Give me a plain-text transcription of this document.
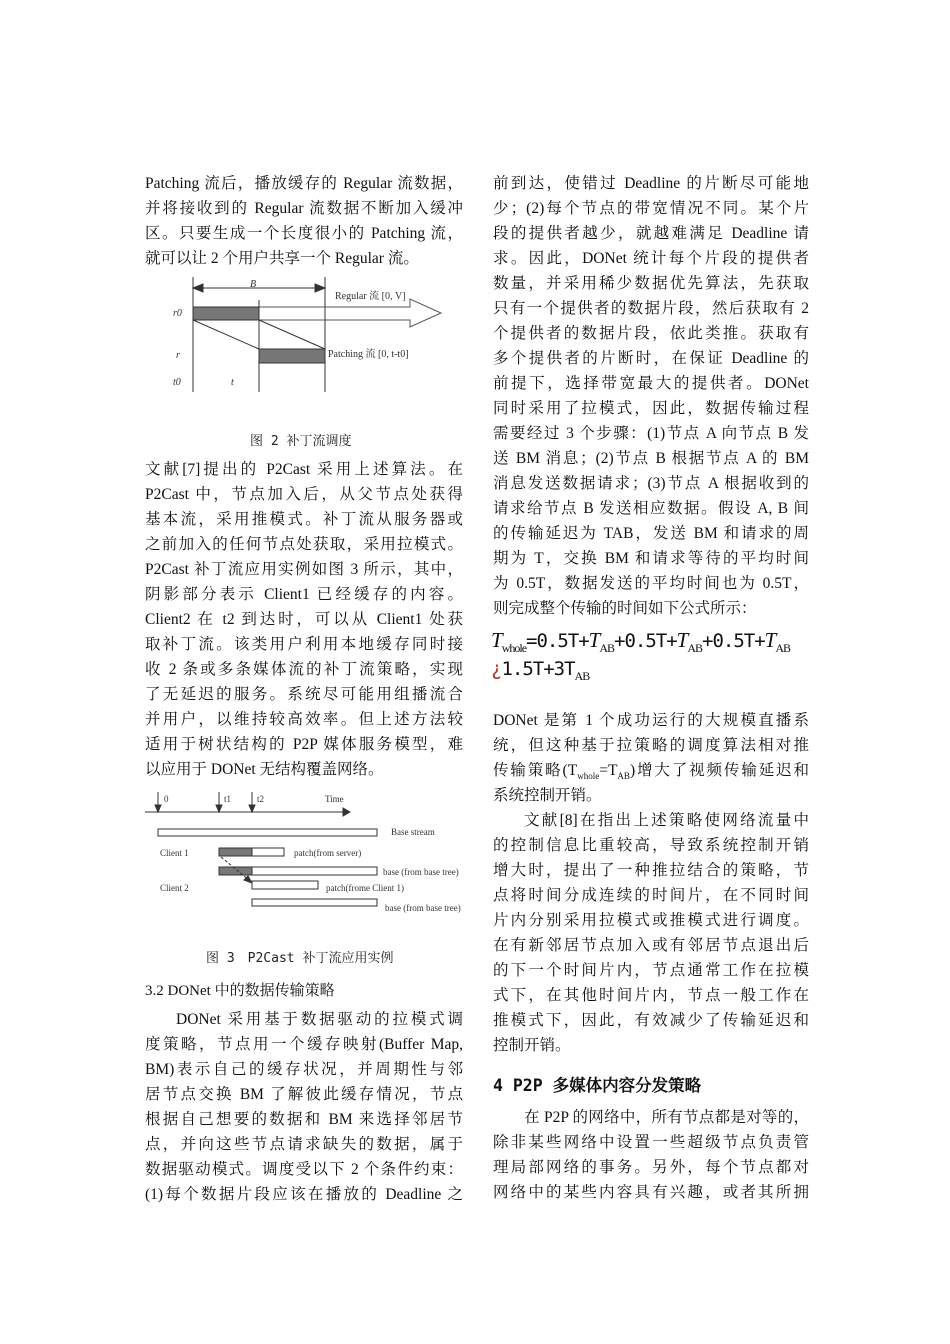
B
Regular 流 [0, V]
Patching 流 [0, t-t0]
r0
r
t0	t
图 2 补丁流调度
0	t1	t2	Time
Base stream
Client 1	patch(from server)
base (from base tree)
Client 2	patch(frome Client 1)
base (from base tree)
图 3　P2Cast 补丁流应用实例
3.2 DONet 中的数据传输策略
$T_{whole}=0.5T+T_{AB}+0.5T+T_{AB}+0.5T+T_{AB}$
¿$1.5T+3T_{AB}$
传输策略$(T_{whole}=T_{AB})$增大了视频传输延迟和
系统控制开销。
4 P2P 多媒体内容分发策略
Patching 流后，播放缓存的 Regular 流数据，
并将接收到的 Regular 流数据不断加入缓冲
区。只要生成一个长度很小的 Patching 流，
就可以让 2 个用户共享一个 Regular 流。
文献[7]提出的 P2Cast 采用上述算法。在
P2Cast 中，节点加入后，从父节点处获得
基本流，采用推模式。补丁流从服务器或
之前加入的任何节点处获取，采用拉模式。
P2Cast 补丁流应用实例如图 3 所示，其中，
阴影部分表示 Client1 已经缓存的内容。
Client2 在 t2 到达时，可以从 Client1 处获
取补丁流。该类用户利用本地缓存同时接
收 2 条或多条媒体流的补丁流策略，实现
了无延迟的服务。系统尽可能用组播流合
并用户，以维持较高效率。但上述方法较
适用于树状结构的 P2P 媒体服务模型，难
以应用于 DONet 无结构覆盖网络。
DONet 采用基于数据驱动的拉模式调
度策略，节点用一个缓存映射(Buffer Map,
BM)表示自己的缓存状况，并周期性与邻
居节点交换 BM 了解彼此缓存情况，节点
根据自己想要的数据和 BM 来选择邻居节
点，并向这些节点请求缺失的数据，属于
数据驱动模式。调度受以下 2 个条件约束：
(1)每个数据片段应该在播放的 Deadline 之
前到达，使错过 Deadline 的片断尽可能地
少；(2)每个节点的带宽情况不同。某个片
段的提供者越少，就越难满足 Deadline 请
求。因此，DONet 统计每个片段的提供者
数量，并采用稀少数据优先算法，先获取
只有一个提供者的数据片段，然后获取有 2
个提供者的数据片段，依此类推。获取有
多个提供者的片断时，在保证 Deadline 的
前提下，选择带宽最大的提供者。DONet
同时采用了拉模式，因此，数据传输过程
需要经过 3 个步骤：(1)节点 A 向节点 B 发
送 BM 消息；(2)节点 B 根据节点 A 的 BM
消息发送数据请求；(3)节点 A 根据收到的
请求给节点 B 发送相应数据。假设 A, B 间
的传输延迟为 TAB，发送 BM 和请求的周
期为 T，交换 BM 和请求等待的平均时间
为 0.5T，数据发送的平均时间也为 0.5T，
则完成整个传输的时间如下公式所示：
DONet 是第 1 个成功运行的大规模直播系
统，但这种基于拉策略的调度算法相对推
文献[8]在指出上述策略使网络流量中
的控制信息比重较高，导致系统控制开销
增大时，提出了一种推拉结合的策略，节
点将时间分成连续的时间片，在不同时间
片内分别采用拉模式或推模式进行调度。
在有新邻居节点加入或有邻居节点退出后
的下一个时间片内，节点通常工作在拉模
式下，在其他时间片内，节点一般工作在
推模式下，因此，有效减少了传输延迟和
控制开销。
在 P2P 的网络中，所有节点都是对等的，
除非某些网络中设置一些超级节点负责管
理局部网络的事务。另外，每个节点都对
网络中的某些内容具有兴趣，或者其所拥
